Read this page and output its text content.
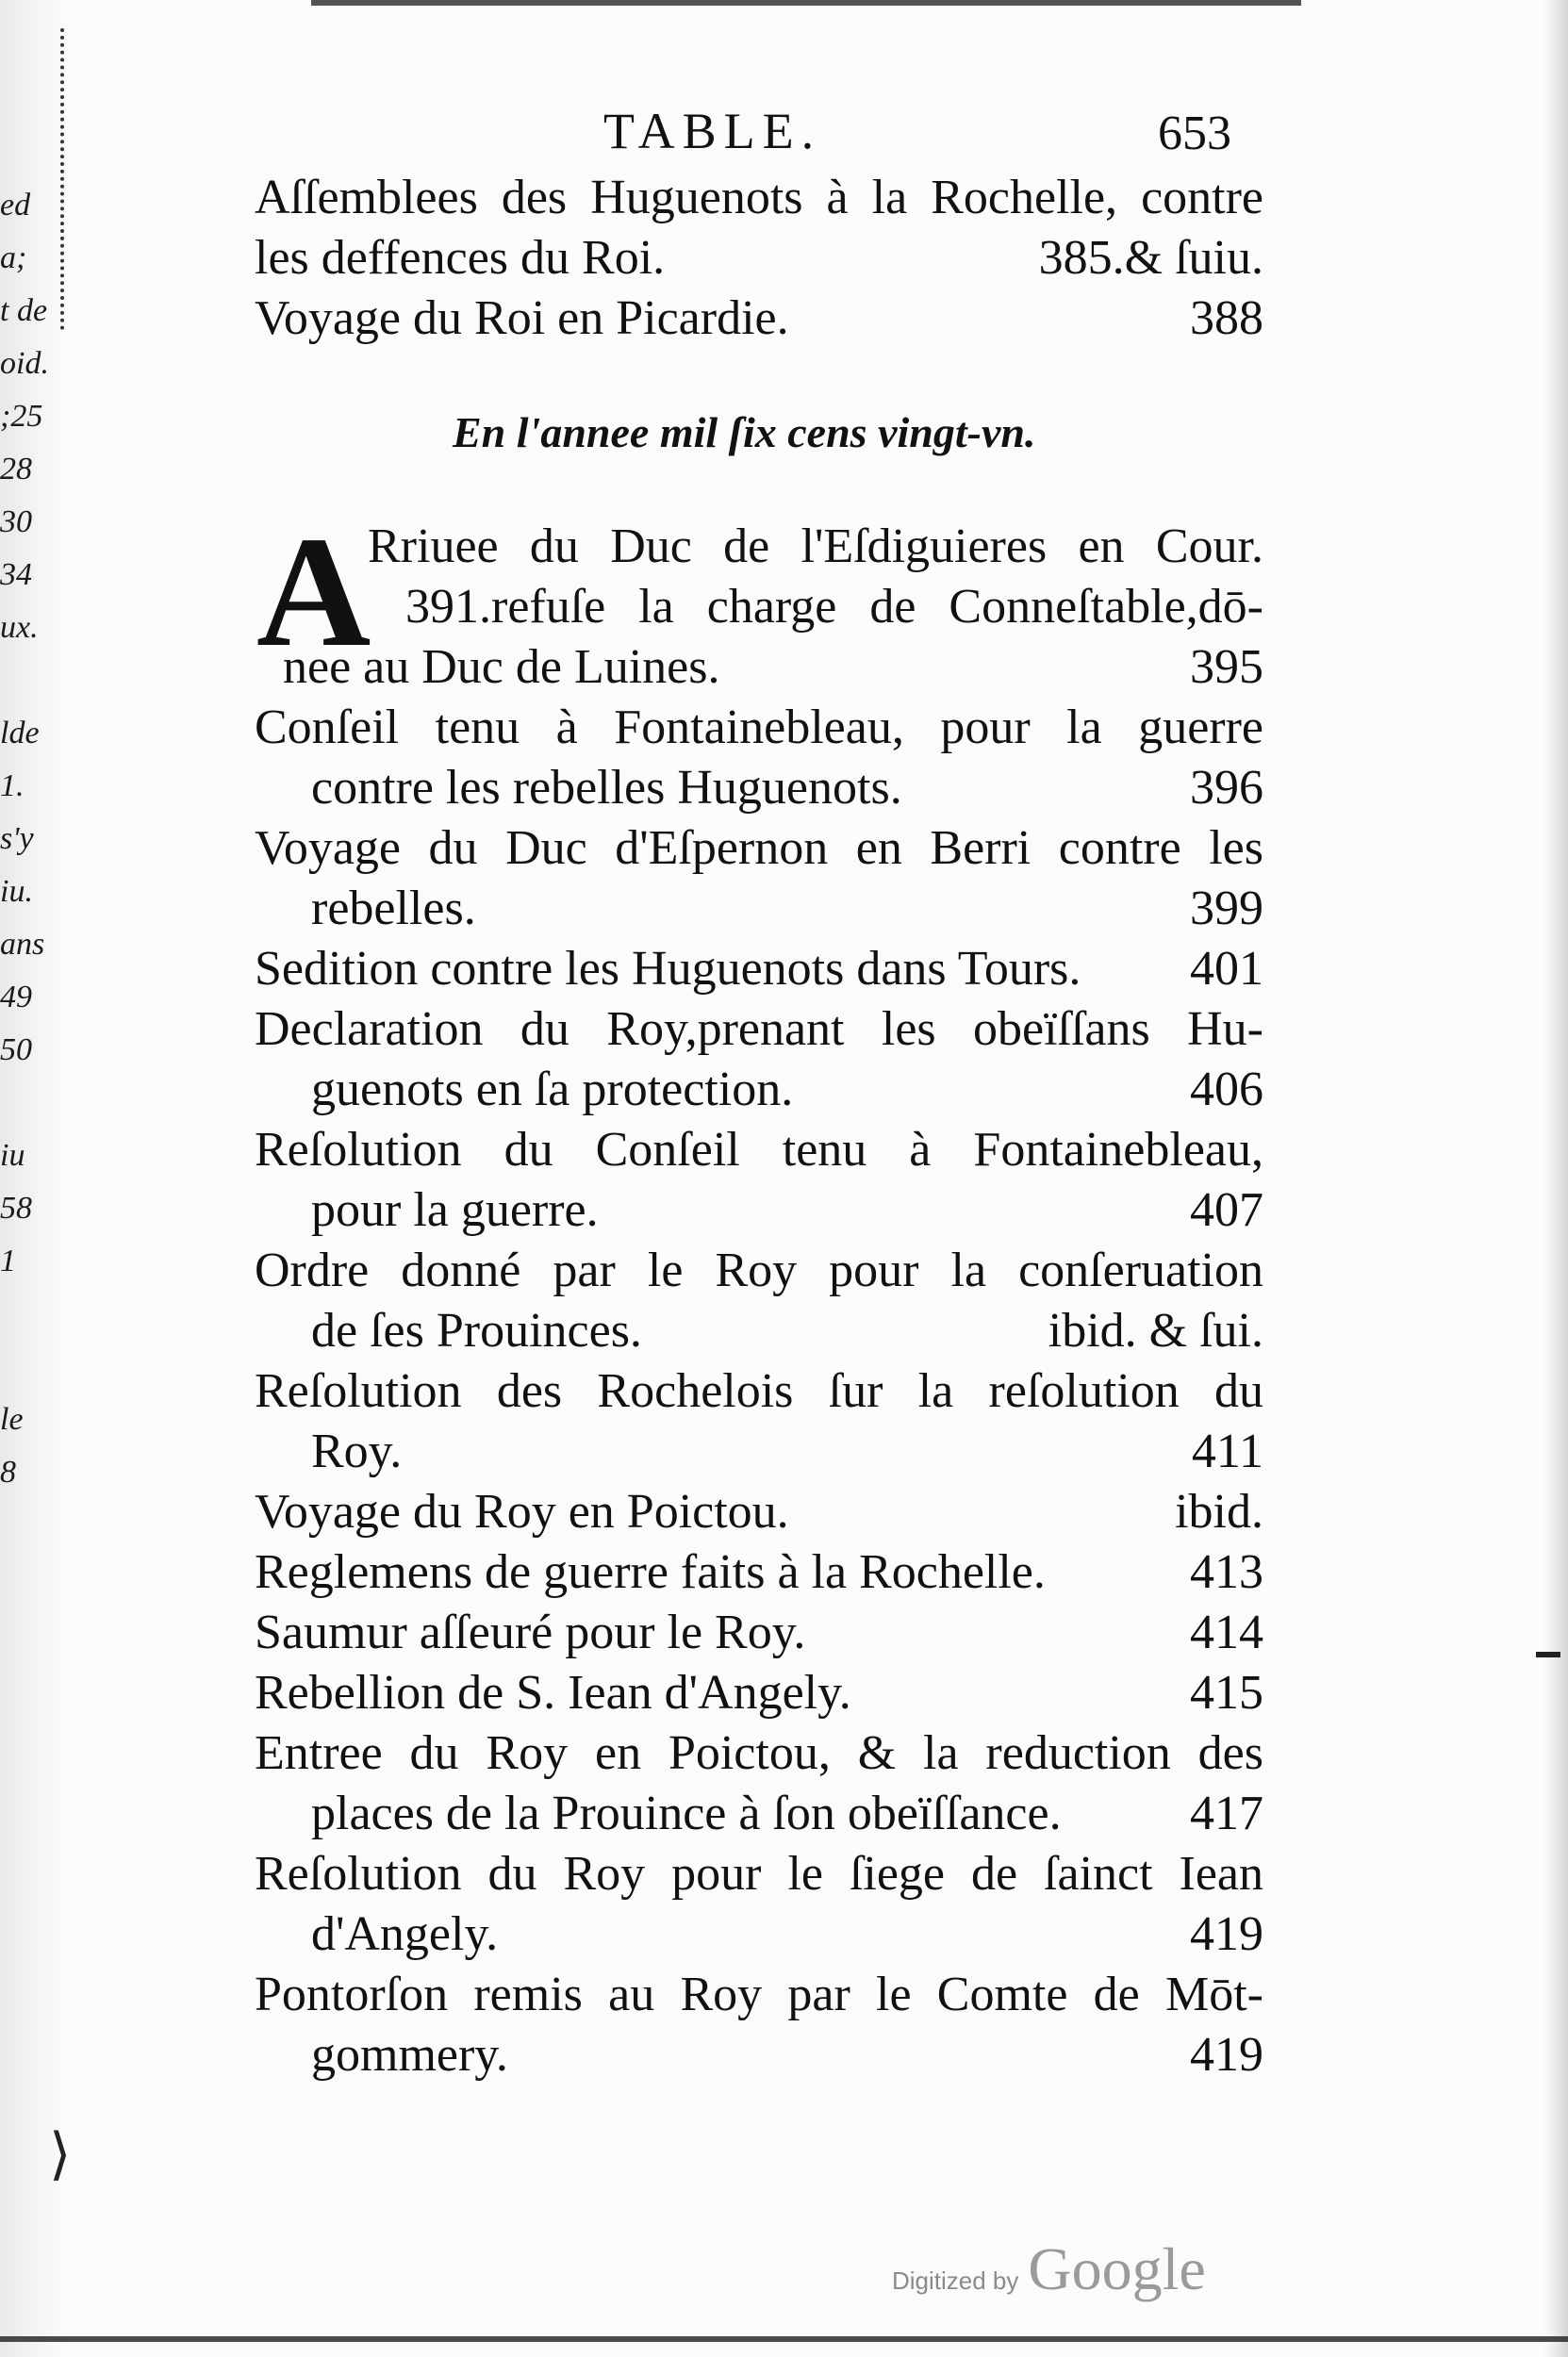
ed
a;
t de
oid.
;25
28
30
34
ux.
lde
1.
s'y
iu.
ans
49
50
iu
58
1
le
8
⟩
TABLE.	653
Aſſemblees des Huguenots à la Rochelle, contre
les deffences du Roi.	385.& ſuiu.
Voyage du Roi en Picardie.	388
En l'annee mil ſix cens vingt-vn.
A
Rriuee du Duc de l'Eſdiguieres en Cour.
391.refuſe la charge de Conneſtable,dō-
nee au Duc de Luines.	395
Conſeil tenu à Fontainebleau, pour la guerre
contre les rebelles Huguenots.	396
Voyage du Duc d'Eſpernon en Berri contre les
rebelles.	399
Sedition contre les Huguenots dans Tours.	401
Declaration du Roy,prenant les obeïſſans Hu-
guenots en ſa protection.	406
Reſolution du Conſeil tenu à Fontainebleau,
pour la guerre.	407
Ordre donné par le Roy pour la conſeruation
de ſes Prouinces.	ibid. & ſui.
Reſolution des Rochelois ſur la reſolution du
Roy.	411
Voyage du Roy en Poictou.	ibid.
Reglemens de guerre faits à la Rochelle.	413
Saumur aſſeuré pour le Roy.	414
Rebellion de S. Iean d'Angely.	415
Entree du Roy en Poictou, & la reduction des
places de la Prouince à ſon obeïſſance.	417
Reſolution du Roy pour le ſiege de ſainct Iean
d'Angely.	419
Pontorſon remis au Roy par le Comte de Mōt-
gommery.	419
Digitized by Google
